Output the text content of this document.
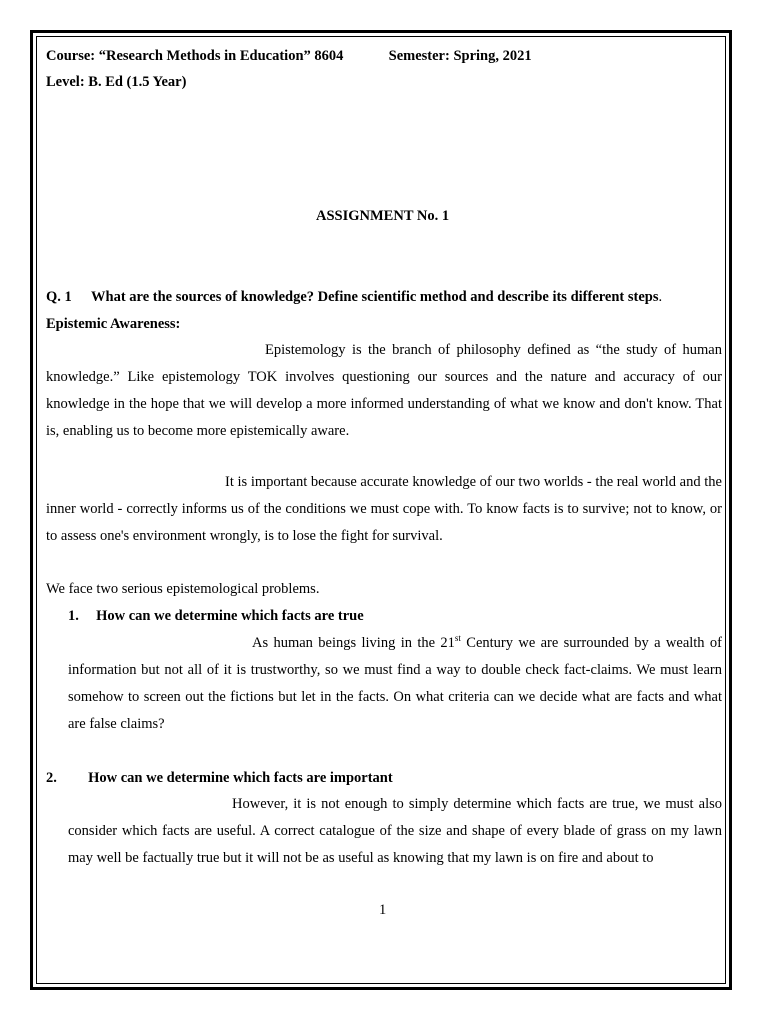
Course: “Research Methods in Education” 8604	Semester: Spring, 2021
Level: B. Ed (1.5 Year)
ASSIGNMENT No. 1
Q. 1 What are the sources of knowledge? Define scientific method and describe its different steps.
Epistemic Awareness:
Epistemology is the branch of philosophy defined as “the study of human knowledge.” Like epistemology TOK involves questioning our sources and the nature and accuracy of our knowledge in the hope that we will develop a more informed understanding of what we know and don't know. That is, enabling us to become more epistemically aware.
It is important because accurate knowledge of our two worlds - the real world and the inner world - correctly informs us of the conditions we must cope with. To know facts is to survive; not to know, or to assess one's environment wrongly, is to lose the fight for survival.
We face two serious epistemological problems.
1. How can we determine which facts are true
As human beings living in the 21st Century we are surrounded by a wealth of information but not all of it is trustworthy, so we must find a way to double check fact-claims. We must learn somehow to screen out the fictions but let in the facts. On what criteria can we decide what are facts and what are false claims?
2. How can we determine which facts are important
However, it is not enough to simply determine which facts are true, we must also consider which facts are useful. A correct catalogue of the size and shape of every blade of grass on my lawn may well be factually true but it will not be as useful as knowing that my lawn is on fire and about to
1
